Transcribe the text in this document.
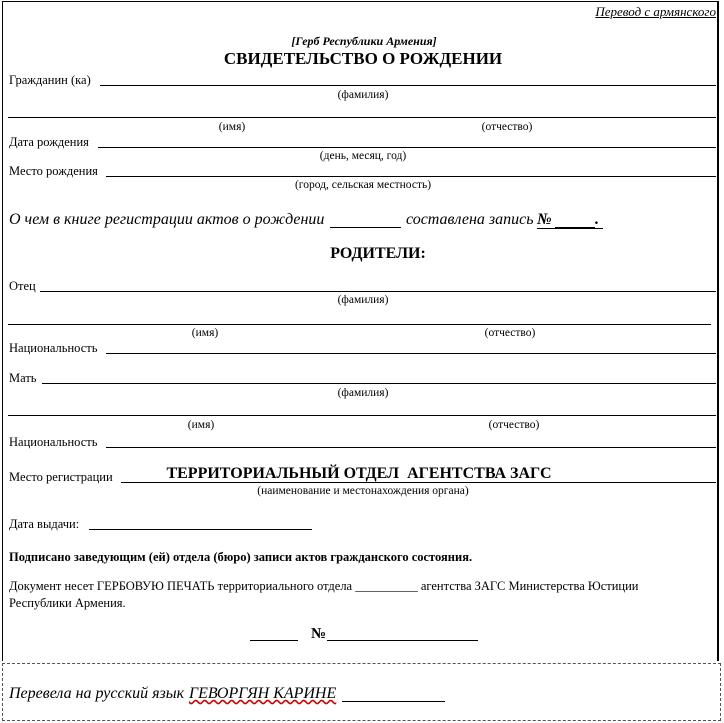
Перевод с армянского
[Герб Республики Армения]
СВИДЕТЕЛЬСТВО О РОЖДЕНИИ
Гражданин (ка)
(фамилия)
(имя)	(отчество)
Дата рождения
(день, месяц, год)
Место рождения
(город, сельская местность)
О чем в книге регистрации актов о рождении	составлена запись №	.
РОДИТЕЛИ:
Отец
(фамилия)
(имя)	(отчество)
Национальность
Мать
(фамилия)
(имя)	(отчество)
Национальность
Место регистрации	ТЕРРИТОРИАЛЬНЫЙ ОТДЕЛ  АГЕНТСТВА ЗАГС
(наименование и местонахождения органа)
Дата выдачи:
Подписано заведующим (ей) отдела (бюро) записи актов гражданского состояния.
Документ несет ГЕРБОВУЮ ПЕЧАТЬ территориального отдела __________ агентства ЗАГС Министерства Юстиции
Республики Армения.
№
Перевела на русский язык ГЕВОРГЯН КАРИНЕ
